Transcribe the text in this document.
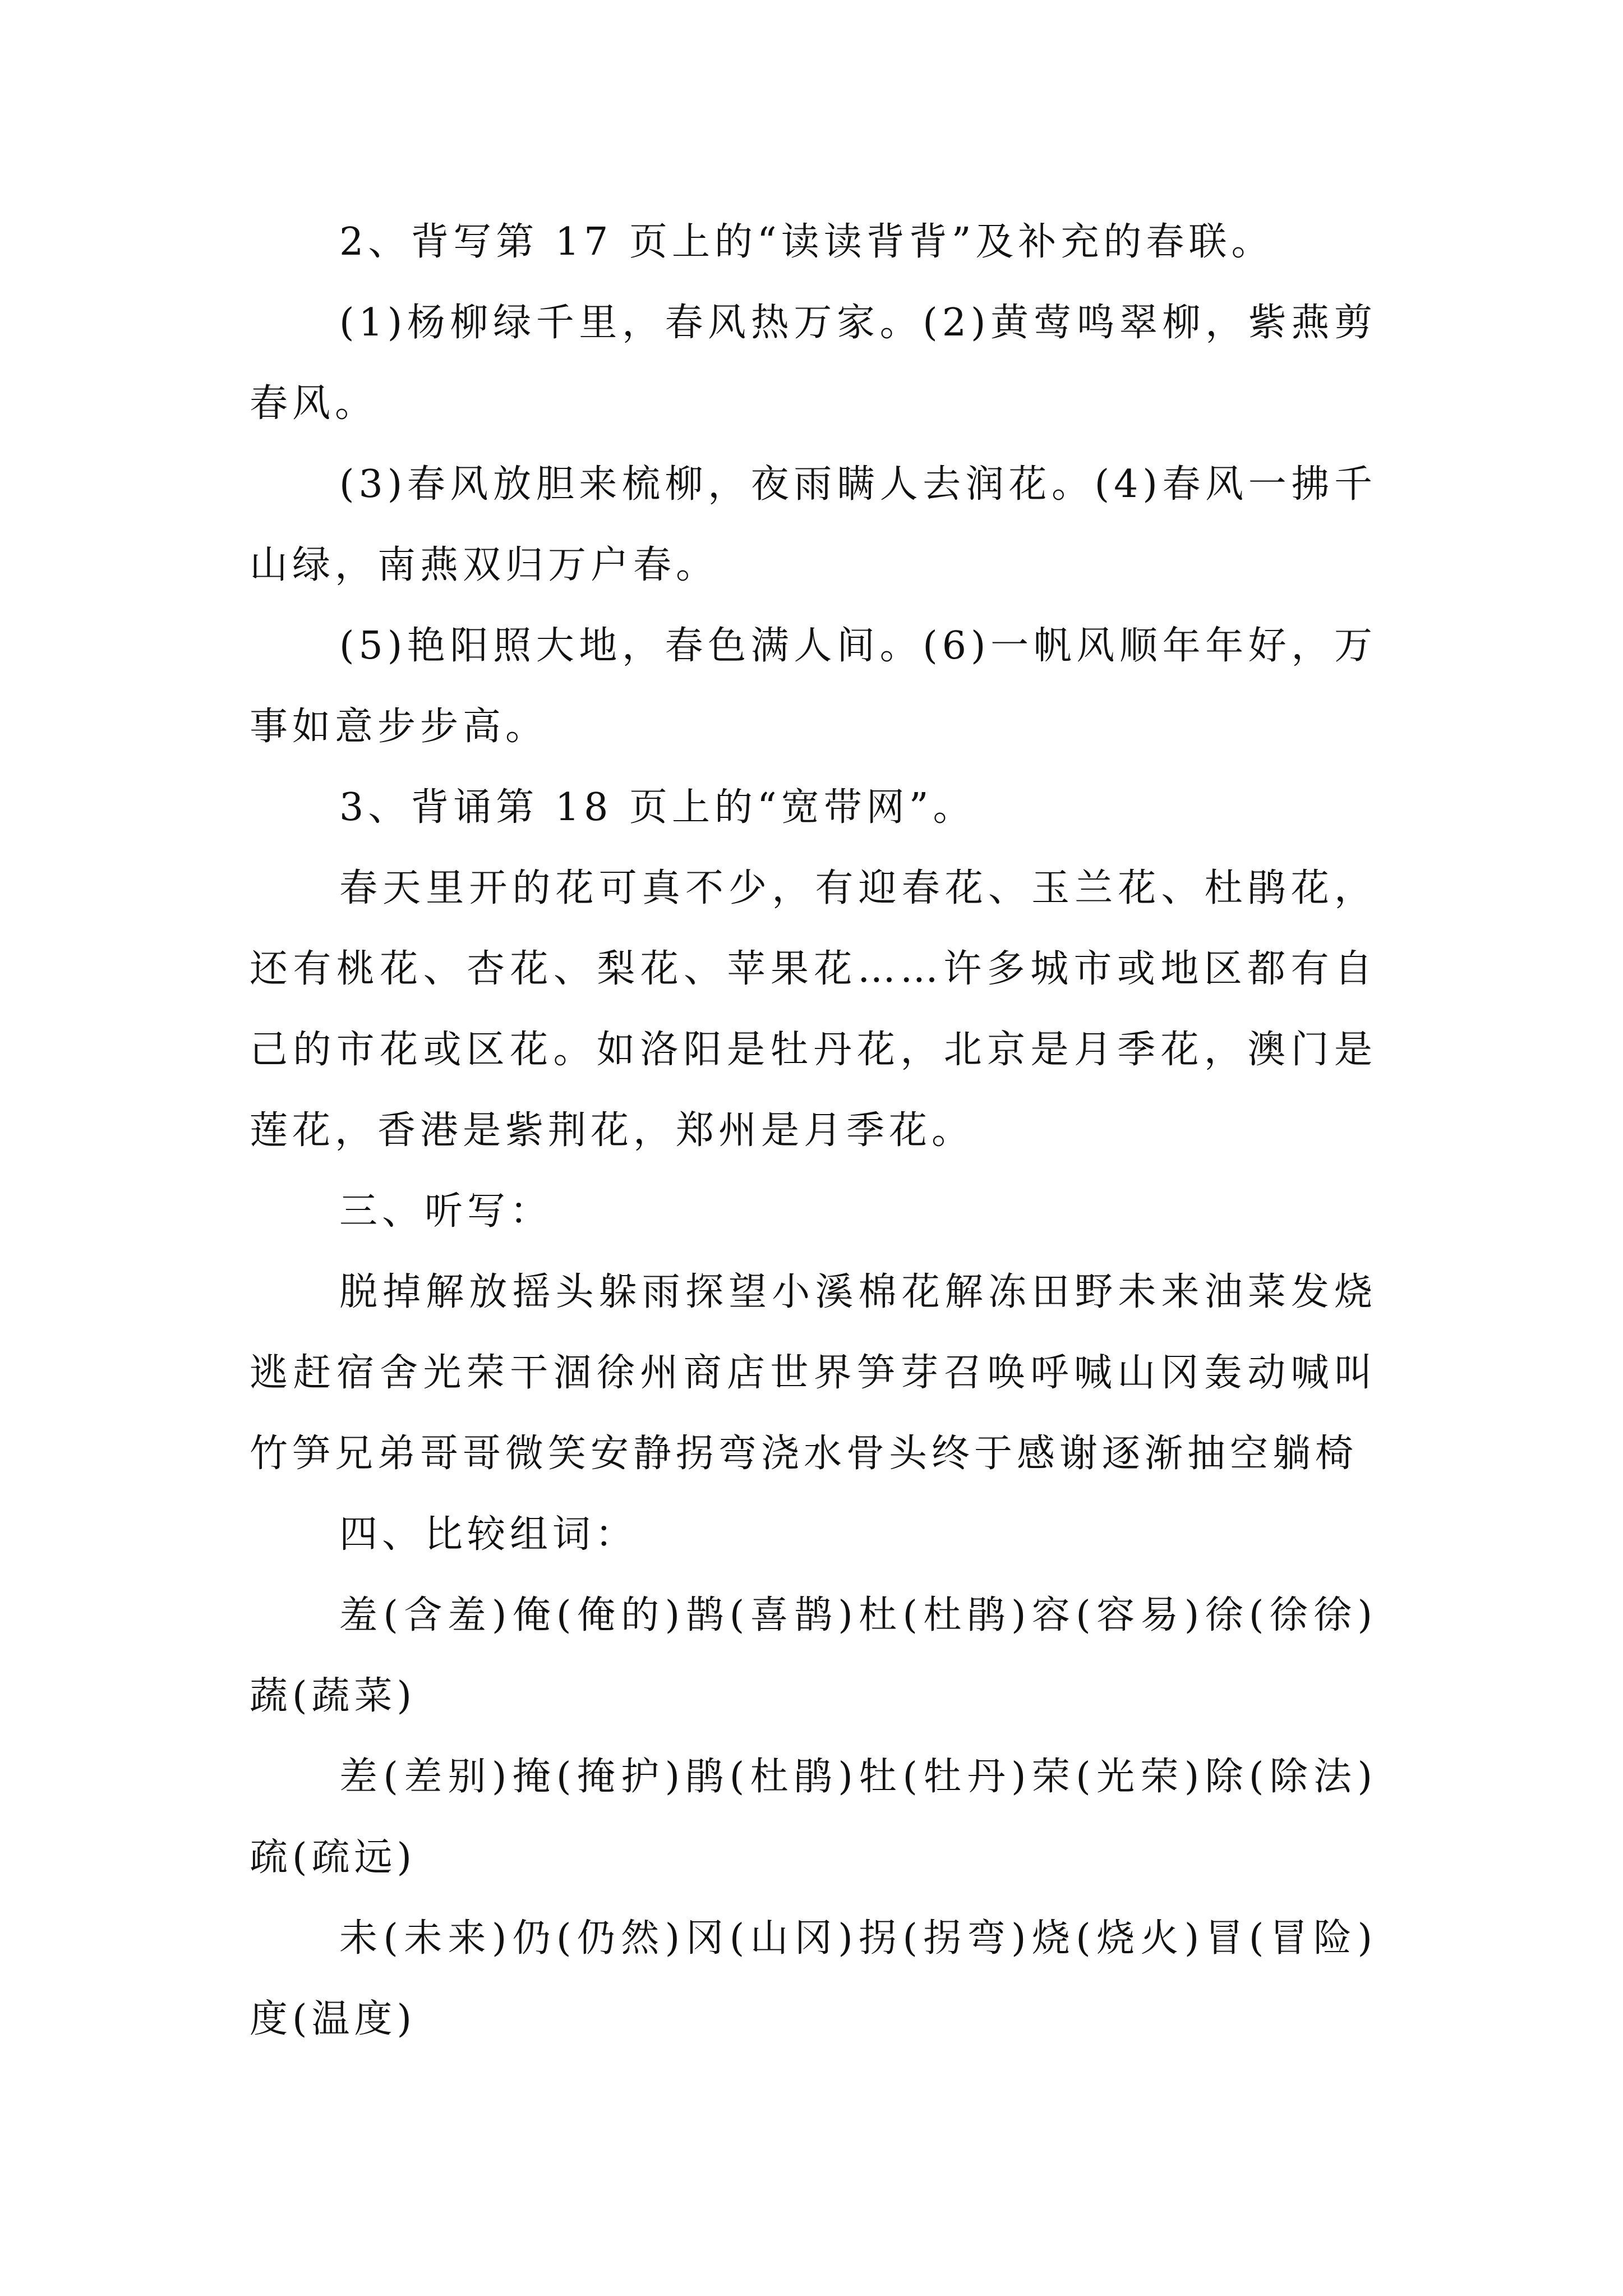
2、背写第 17 页上的“读读背背”及补充的春联。

(1)杨柳绿千里，春风热万家。(2)黄莺鸣翠柳，紫燕剪春风。

(3)春风放胆来梳柳，夜雨瞒人去润花。(4)春风一拂千山绿，南燕双归万户春。

(5)艳阳照大地，春色满人间。(6)一帆风顺年年好，万事如意步步高。

3、背诵第 18 页上的“宽带网”。

春天里开的花可真不少，有迎春花、玉兰花、杜鹃花，还有桃花、杏花、梨花、苹果花……许多城市或地区都有自己的市花或区花。如洛阳是牡丹花，北京是月季花，澳门是莲花，香港是紫荆花，郑州是月季花。

三、听写：

脱掉解放摇头躲雨探望小溪棉花解冻田野未来油菜发烧逃赶宿舍光荣干涸徐州商店世界笋芽召唤呼喊山冈轰动喊叫竹笋兄弟哥哥微笑安静拐弯浇水骨头终于感谢逐渐抽空躺椅

四、比较组词：

羞(含羞)俺(俺的)鹊(喜鹊)杜(杜鹃)容(容易)徐(徐徐)蔬(蔬菜)

差(差别)掩(掩护)鹃(杜鹃)牡(牡丹)荣(光荣)除(除法)疏(疏远)

未(未来)仍(仍然)冈(山冈)拐(拐弯)烧(烧火)冒(冒险)度(温度)
